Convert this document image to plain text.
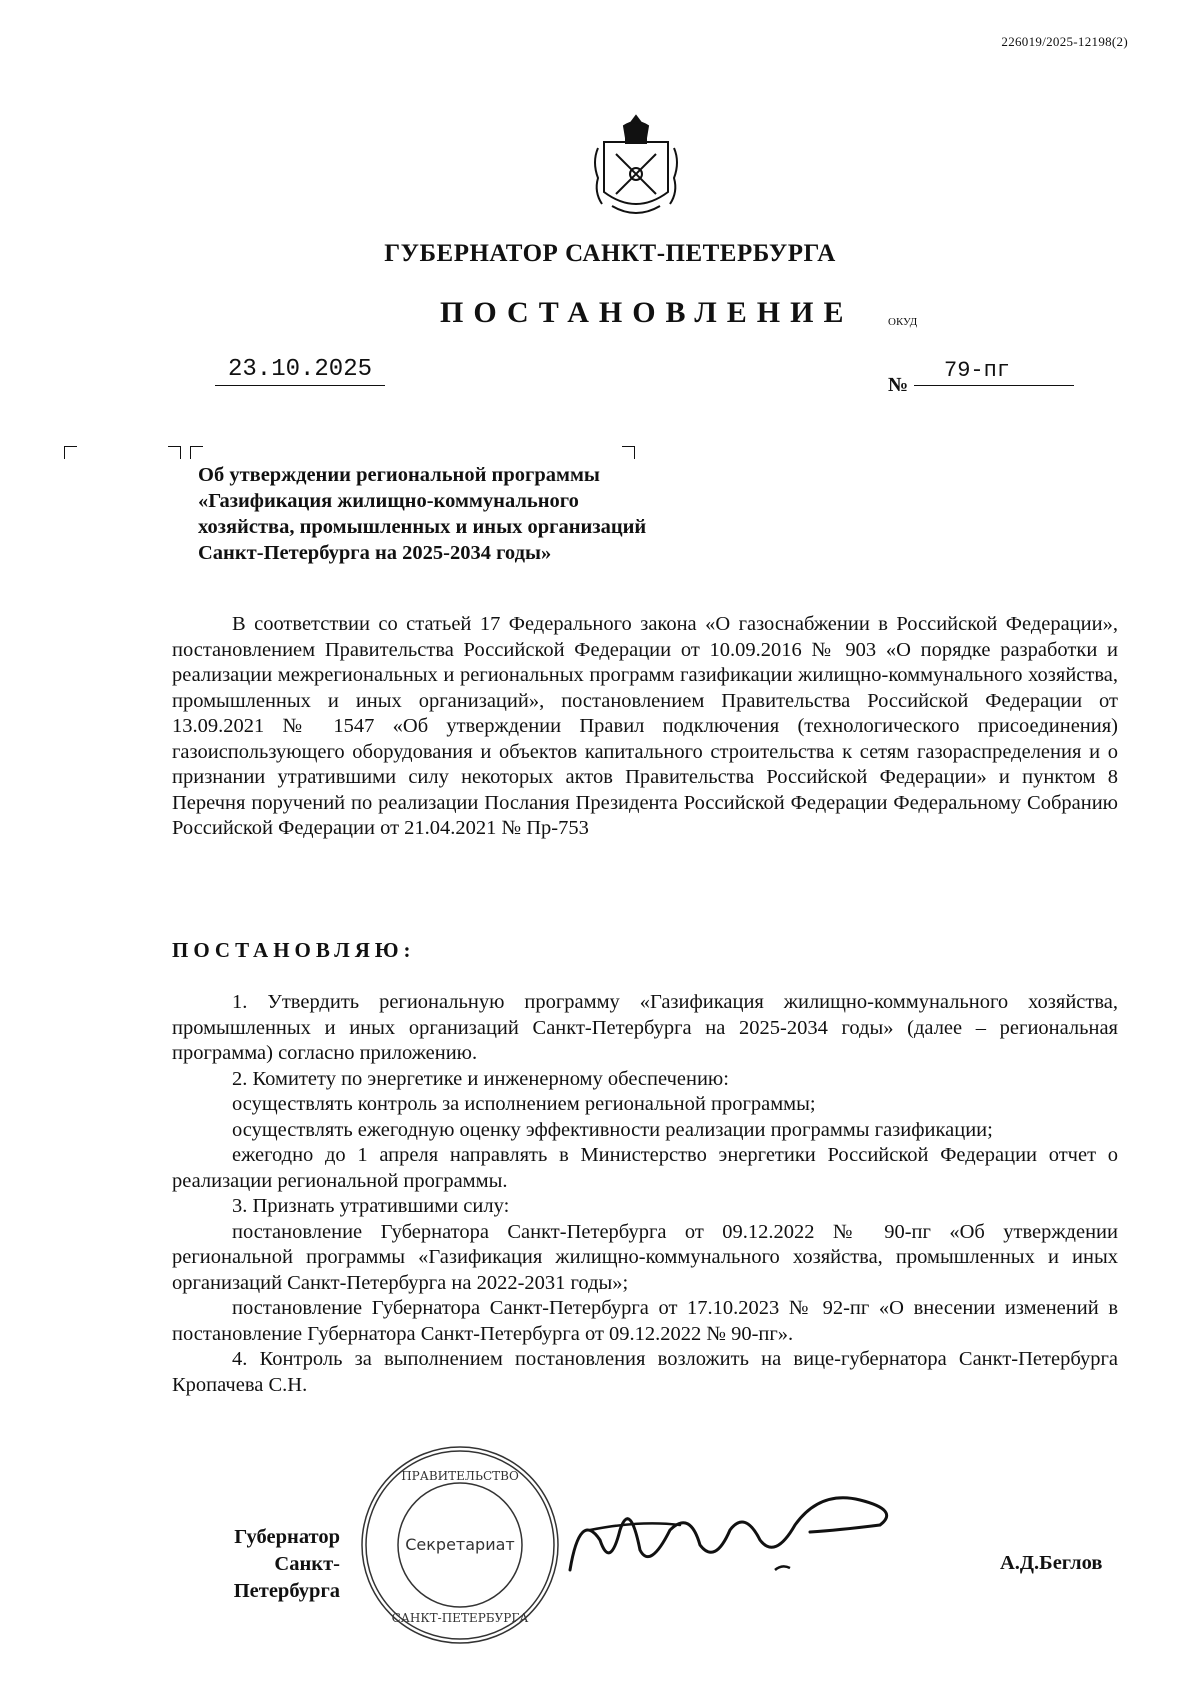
226019/2025-12198(2)
ГУБЕРНАТОР САНКТ-ПЕТЕРБУРГА
ПОСТАНОВЛЕНИЕ	ОКУД
23.10.2025
№
79-пг
Об утверждении региональной программы
«Газификация жилищно-коммунального
хозяйства, промышленных и иных организаций
Санкт-Петербурга на 2025-2034 годы»
В соответствии со статьей 17 Федерального закона «О газоснабжении в Российской Федерации», постановлением Правительства Российской Федерации от 10.09.2016 № 903 «О порядке разработки и реализации межрегиональных и региональных программ газификации жилищно-коммунального хозяйства, промышленных и иных организаций», постановлением Правительства Российской Федерации от 13.09.2021 № 1547 «Об утверждении Правил подключения (технологического присоединения) газоиспользующего оборудования и объектов капитального строительства к сетям газораспределения и о признании утратившими силу некоторых актов Правительства Российской Федерации» и пунктом 8 Перечня поручений по реализации Послания Президента Российской Федерации Федеральному Собранию Российской Федерации от 21.04.2021 № Пр-753
ПОСТАНОВЛЯЮ:

1. Утвердить региональную программу «Газификация жилищно-коммунального хозяйства, промышленных и иных организаций Санкт-Петербурга на 2025-2034 годы» (далее – региональная программа) согласно приложению.

2. Комитету по энергетике и инженерному обеспечению:

осуществлять контроль за исполнением региональной программы;

осуществлять ежегодную оценку эффективности реализации программы газификации;

ежегодно до 1 апреля направлять в Министерство энергетики Российской Федерации отчет о реализации региональной программы.

3. Признать утратившими силу:

постановление Губернатора Санкт-Петербурга от 09.12.2022 № 90-пг «Об утверждении региональной программы «Газификация жилищно-коммунального хозяйства, промышленных и иных организаций Санкт-Петербурга на 2022-2031 годы»;

постановление Губернатора Санкт-Петербурга от 17.10.2023 № 92-пг «О внесении изменений в постановление Губернатора Санкт-Петербурга от 09.12.2022 № 90-пг».

4. Контроль за выполнением постановления возложить на вице-губернатора Санкт-Петербурга Кропачева С.Н.

Секретариат
ПРАВИТЕЛЬСТВО
САНКТ-ПЕТЕРБУРГА
Губернатор
Санкт-Петербурга
А.Д.Беглов
